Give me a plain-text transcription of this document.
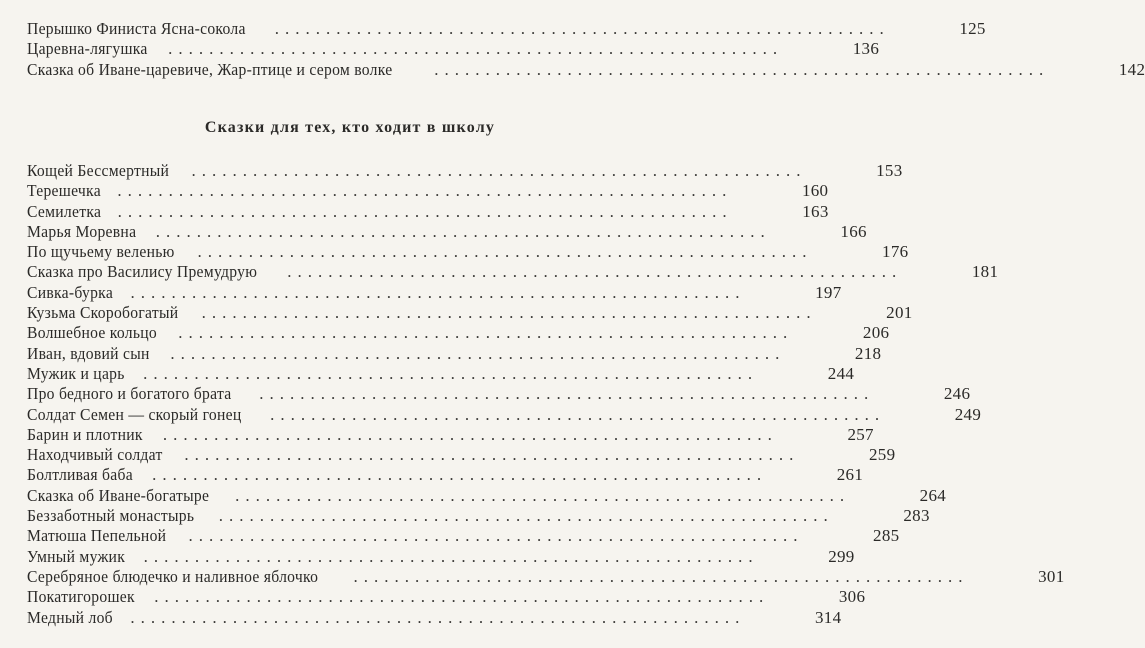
Перышко Финиста Ясна-сокола ............................................................	125
Царевна-лягушка ............................................................	136
Сказка об Иване-царевиче, Жар-птице и сером волке ............................................................	142
Сказки для тех, кто ходит в школу
Кощей Бессмертный ............................................................	153
Терешечка ............................................................	160
Семилетка ............................................................	163
Марья Моревна ............................................................	166
По щучьему веленью ............................................................	176
Сказка про Василису Премудрую ............................................................	181
Сивка-бурка ............................................................	197
Кузьма Скоробогатый ............................................................	201
Волшебное кольцо ............................................................	206
Иван, вдовий сын ............................................................	218
Мужик и царь ............................................................	244
Про бедного и богатого брата ............................................................	246
Солдат Семен — скорый гонец ............................................................	249
Барин и плотник ............................................................	257
Находчивый солдат ............................................................	259
Болтливая баба ............................................................	261
Сказка об Иване-богатыре ............................................................	264
Беззаботный монастырь ............................................................	283
Матюша Пепельной ............................................................	285
Умный мужик ............................................................	299
Серебряное блюдечко и наливное яблочко ............................................................	301
Покатигорошек ............................................................	306
Медный лоб ............................................................	314
